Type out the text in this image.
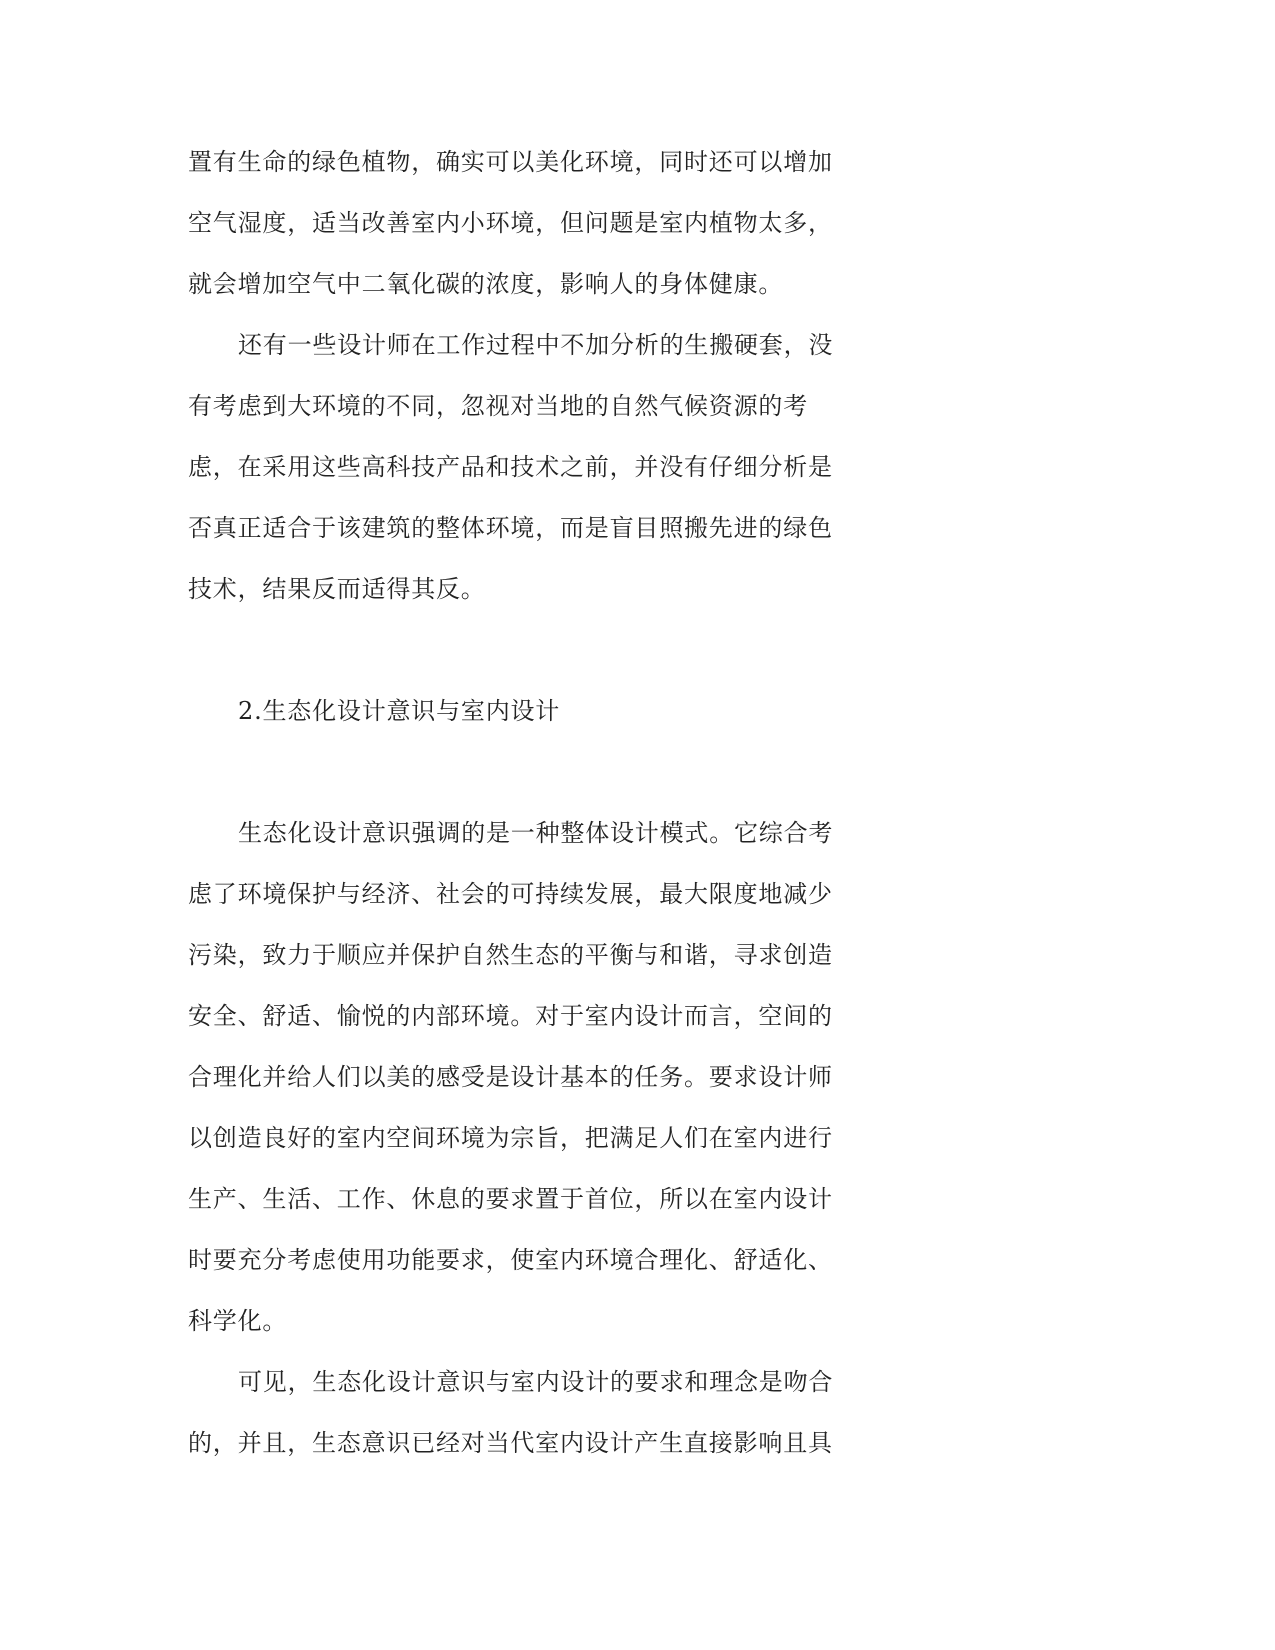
置有生命的绿色植物，确实可以美化环境，同时还可以增加
空气湿度，适当改善室内小环境，但问题是室内植物太多，
就会增加空气中二氧化碳的浓度，影响人的身体健康。
还有一些设计师在工作过程中不加分析的生搬硬套，没
有考虑到大环境的不同，忽视对当地的自然气候资源的考
虑，在采用这些高科技产品和技术之前，并没有仔细分析是
否真正适合于该建筑的整体环境，而是盲目照搬先进的绿色
技术，结果反而适得其反。
2.生态化设计意识与室内设计
生态化设计意识强调的是一种整体设计模式。它综合考
虑了环境保护与经济、社会的可持续发展，最大限度地减少
污染，致力于顺应并保护自然生态的平衡与和谐，寻求创造
安全、舒适、愉悦的内部环境。对于室内设计而言，空间的
合理化并给人们以美的感受是设计基本的任务。要求设计师
以创造良好的室内空间环境为宗旨，把满足人们在室内进行
生产、生活、工作、休息的要求置于首位，所以在室内设计
时要充分考虑使用功能要求，使室内环境合理化、舒适化、
科学化。
可见，生态化设计意识与室内设计的要求和理念是吻合
的，并且，生态意识已经对当代室内设计产生直接影响且具
